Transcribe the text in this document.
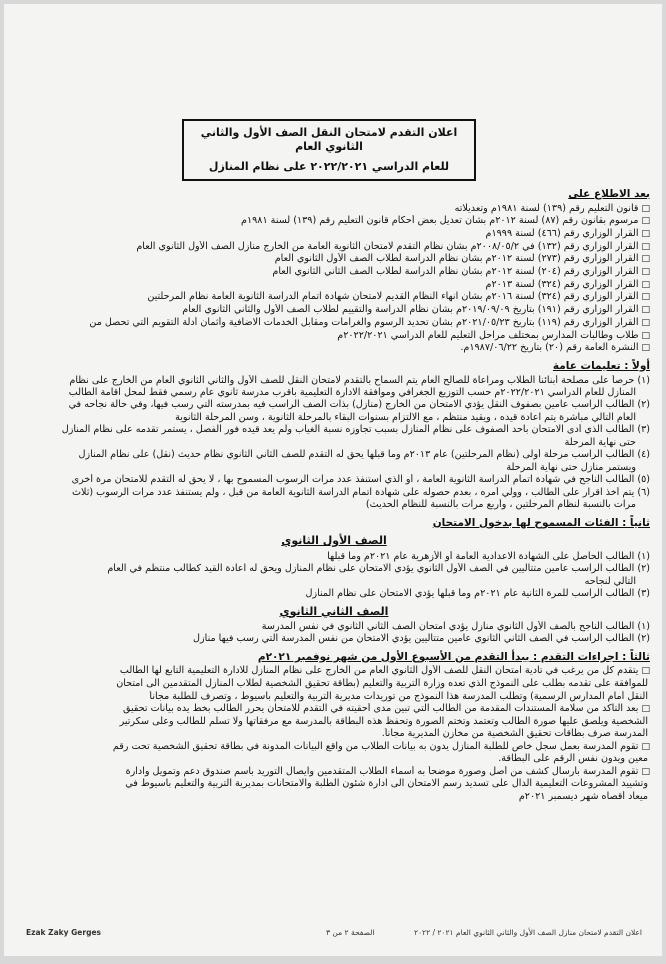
اعلان التقدم لامتحان النقل الصف الأول والثاني الثانوي العام
للعام الدراسي ٢٠٢٢/٢٠٢١ على نظام المنازل
بعد الاطلاع على
□ قانون التعليم رقم (١٣٩) لسنة ١٩٨١م وتعديلاته
□ مرسوم بقانون رقم (٨٧) لسنة ٢٠١٢م بشأن تعديل بعض أحكام قانون التعليم رقم (١٣٩) لسنة ١٩٨١م
□ القرار الوزاري رقم (٤٦٦) لسنة ١٩٩٩م
□ القرار الوزاري رقم (١٣٢) في ٢٠٠٨/٠٥/٢م بشأن نظام التقدم لامتحان الثانوية العامة من الخارج منازل الصف الأول الثانوي العام
□ القرار الوزاري رقم (٢٧٣) لسنة ٢٠١٢م بشأن نظام الدراسة لطلاب الصف الأول الثانوي العام
□ القرار الوزاري رقم (٢٠٤) لسنة ٢٠١٢م بشأن نظام الدراسة لطلاب الصف الثاني الثانوي العام
□ القرار الوزاري رقم (٣٢٤) لسنة ٢٠١٣م
□ القرار الوزاري رقم (٣٢٤) لسنة ٢٠١٦م بشأن انهاء النظام القديم لامتحان شهادة اتمام الدراسة الثانوية العامة نظام المرحلتين
□ القرار الوزاري رقم (١٩١) بتاريخ ٢٠١٩/٠٩/٠٩م بشأن نظام الدراسة والتقييم لطلاب الصف الأول والثاني الثانوي العام
□ القرار الوزاري رقم (١١٩) بتاريخ ٢٠٢١/٠٥/٢٣م بشأن تحديد الرسوم والغرامات ومقابل الخدمات الاضافية وأثمان أدلة التقويم التي تحصل من
□ طلاب وطالبات المدارس بمختلف مراحل التعليم للعام الدراسي ٢٠٢٢/٢٠٢١م
□ النشرة العامة رقم (٢٠) بتاريخ ١٩٨٧/٠٦/٢٢م.
أولاً : تعليمات عامة
(١)حرصاً على مصلحة أبنائنا الطلاب ومراعاة للصالح العام يتم السماح بالتقدم لامتحان النقل للصف الأول والثاني الثانوي العام من الخارج على نظام
المنازل للعام الدراسي ٢٠٢٢/٢٠٢١م حسب التوزيع الجغرافي وموافقة الادارة التعليمية بأقرب مدرسة ثانوي عام رسمي فقط لمحل اقامة الطالب
(٢)الطالب الراسب عامين بصفوف النقل يؤدي الامتحان من الخارج (منازل) بذات الصف الراسب فيه بمدرسته التي رسب فيها، وفي حالة نجاحه في
العام التالي مباشرة يتم اعادة قيده ، ويقيد منتظم ، مع الالتزام بسنوات البقاء بالمرحلة الثانوية ، وسن المرحلة الثانوية
(٣)الطالب الذي أدى الامتحان بأحد الصفوف على نظام المنازل بسبب تجاوزه نسبة الغياب ولم يعد قيده فور الفصل ، يستمر تقدمه على نظام المنازل
حتى نهاية المرحلة
(٤)الطالب الراسب مرحلة أولى (نظام المرحلتين) عام ٢٠١٣م وما قبلها يحق له التقدم للصف الثاني الثانوي نظام حديث (نقل) على نظام المنازل
ويستمر منازل حتى نهاية المرحلة
(٥)الطالب الناجح في شهادة اتمام الدراسة الثانوية العامة ، أو الذي استنفذ عدد مرات الرسوب المسموح بها ، لا يحق له التقدم للامتحان مرة أخرى
(٦)يتم أخذ اقرار على الطالب ، وولي أمره ، بعدم حصوله على شهادة اتمام الدراسة الثانوية العامة من قبل ، ولم يستنفذ عدد مرات الرسوب (ثلاث
مرات بالنسبة لنظام المرحلتين ، وأربع مرات بالنسبة للنظام الحديث)
ثانياً : الفئات المسموح لها بدخول الامتحان
الصف الأول الثانوي
(١)الطالب الحاصل على الشهادة الاعدادية العامة أو الأزهرية عام ٢٠٢١م وما قبلها
(٢)الطالب الراسب عامين متتاليين في الصف الأول الثانوي يؤدي الامتحان على نظام المنازل ويحق له اعادة القيد كطالب منتظم في العام
التالي لنجاحه
(٣)الطالب الراسب للمرة الثانية عام ٢٠٢١م وما قبلها يؤدي الامتحان على نظام المنازل
الصف الثاني الثانوي
(١)الطالب الناجح بالصف الأول الثانوي منازل يؤدي امتحان الصف الثاني الثانوي في نفس المدرسة
(٢)الطالب الراسب في الصف الثاني الثانوي عامين متتاليين يؤدي الامتحان من نفس المدرسة التي رسب فيها منازل
ثالثاً : اجراءات التقدم : يبدأ التقدم من الأسبوع الأول من شهر نوفمبر ٢٠٢١م
□ يتقدم كل من يرغب في تأدية امتحان النقل للصف الأول الثانوي العام من الخارج على نظام المنازل للادارة التعليمية التابع لها الطالب
للموافقة على تقدمه بطلب على النموذج الذي تعده وزارة التربية والتعليم (بطاقة تحقيق الشخصية لطلاب المنازل المتقدمين الى امتحان
النقل أمام المدارس الرسمية) وتطلب المدرسة هذا النموذج من توريدات مديرية التربية والتعليم بأسيوط ، وتصرف للطلبة مجاناً
□ بعد التأكد من سلامة المستندات المقدمة من الطالب التي تبين مدى أحقيته في التقدم للامتحان يحرر الطالب بخط يده بيانات تحقيق
الشخصية ويلصق عليها صورة الطالب وتعتمد وتختم الصورة وتحفظ هذه البطاقة بالمدرسة مع مرفقاتها ولا تسلم للطالب وعلى سكرتير
المدرسة صرف بطاقات تحقيق الشخصية من مخازن المديرية مجاناً.
□ تقوم المدرسة بعمل سجل خاص للطلبة المنازل يدون به بيانات الطلاب من واقع البيانات المدونة في بطاقة تحقيق الشخصية تحت رقم
معين ويدون نفس الرقم على البطاقة.
□ تقوم المدرسة بارسال كشف من أصل وصورة موضحاً به أسماء الطلاب المتقدمين وايصال التوريد باسم صندوق دعم وتمويل وادارة
وتشييد المشروعات التعليمية الدال على تسديد رسم الامتحان الى ادارة شئون الطلبة والامتحانات بمديرية التربية والتعليم بأسيوط في
ميعاد أقصاه شهر ديسمبر ٢٠٢١م
Ezak Zaky Gerges	الصفحة ٢ من ٣	اعلان التقدم لامتحان منازل الصف الأول والثاني الثانوي العام ٢٠٢١ / ٢٠٢٢
